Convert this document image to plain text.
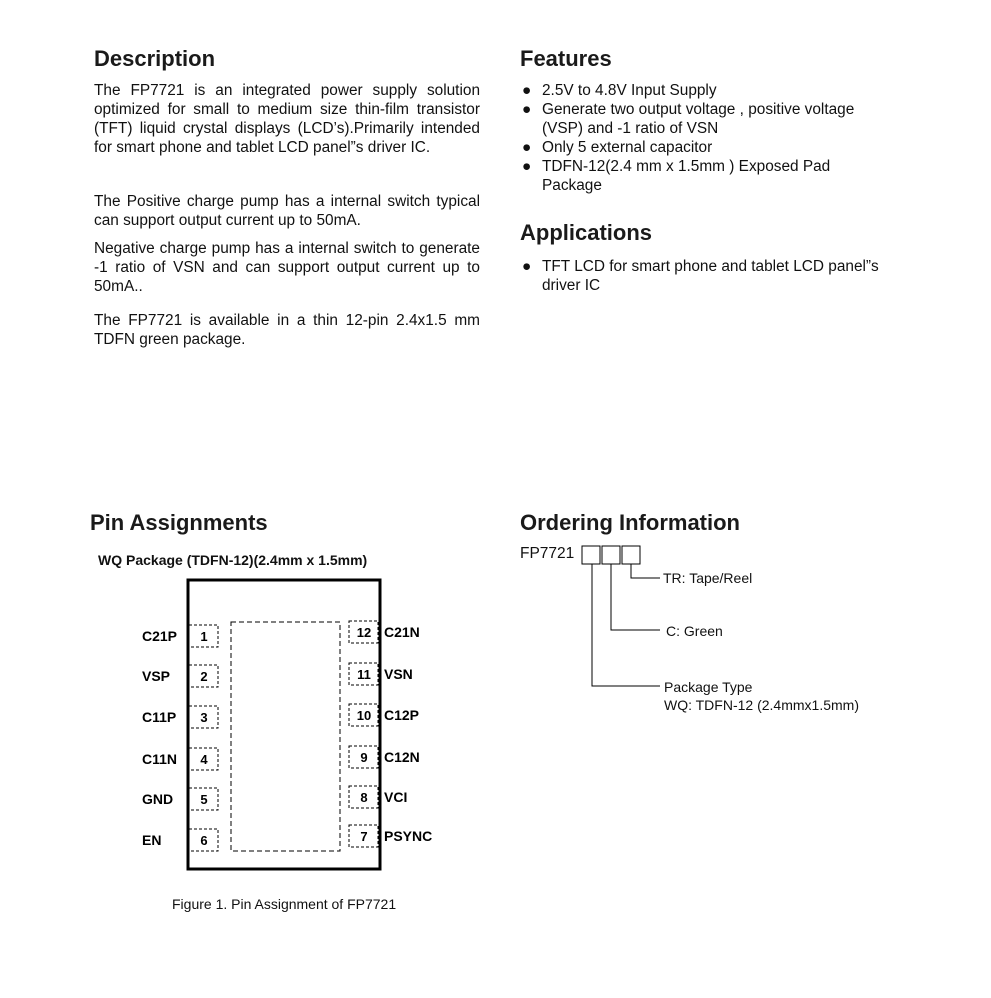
Description

The FP7721 is an integrated power supply solution optimized for small to medium size thin-film transistor (TFT) liquid crystal displays (LCD’s).Primarily intended for smart phone and tablet LCD panel”s driver IC.

The Positive charge pump has a internal switch typical can support output current up to 50mA.

Negative charge pump has a internal switch to generate -1 ratio of VSN and can support output current up to 50mA..

The FP7721 is available in a thin 12-pin 2.4x1.5 mm TDFN green package.

Features
● 2.5V to 4.8V Input Supply
● Generate two output voltage , positive voltage (VSP) and -1 ratio of VSN
● Only 5 external capacitor
● TDFN-12(2.4 mm x 1.5mm ) Exposed Pad Package
Applications
● TFT LCD for smart phone and tablet LCD panel”s driver IC
Pin Assignments
WQ Package (TDFN-12)(2.4mm x 1.5mm)
Ordering Information
FP7721
1
C21P
2
VSP
3
C11P
4
C11N
5
GND
6
EN
12 C21N
11 VSN
10 C12P
9 C12N
8 VCI
7 PSYNC
TR: Tape/Reel
C: Green
Package Type
WQ: TDFN-12 (2.4mmx1.5mm)
Figure 1. Pin Assignment of FP7721
